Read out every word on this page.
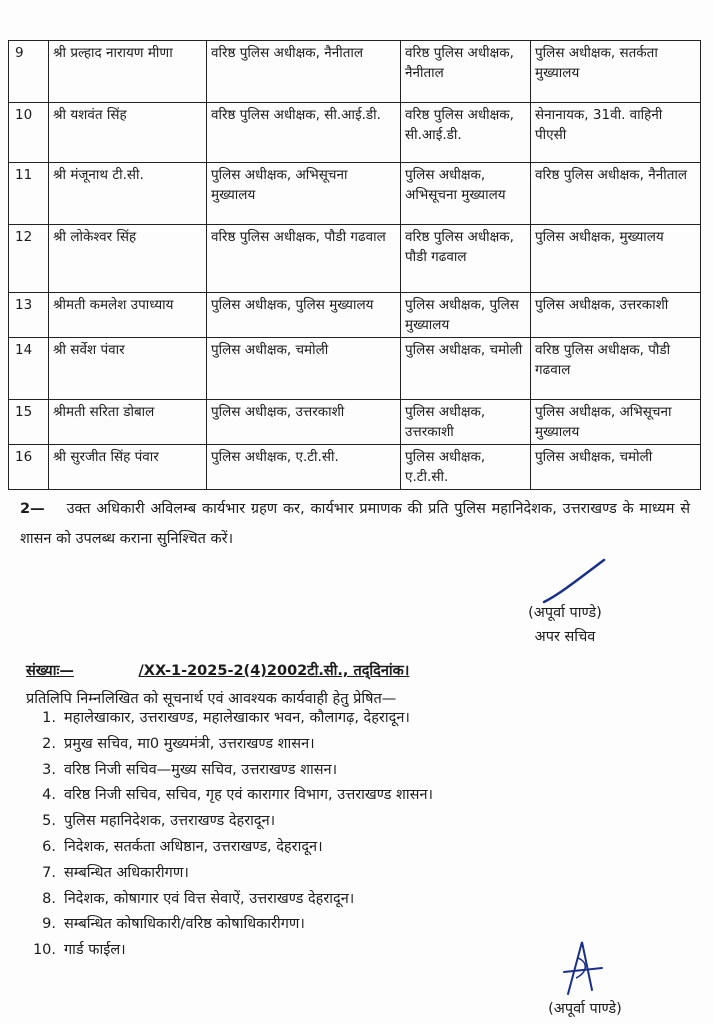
9	श्री प्रल्हाद नारायण मीणा	वरिष्ठ पुलिस अधीक्षक, नैनीताल	वरिष्ठ पुलिस अधीक्षक, नैनीताल	पुलिस अधीक्षक, सतर्कता मुख्यालय
10	श्री यशवंत सिंह	वरिष्ठ पुलिस अधीक्षक, सी.आई.डी.	वरिष्ठ पुलिस अधीक्षक, सी.आई.डी.	सेनानायक, 31वी. वाहिनी पीएसी
11	श्री मंजूनाथ टी.सी.	पुलिस अधीक्षक, अभिसूचना मुख्यालय	पुलिस अधीक्षक, अभिसूचना मुख्यालय	वरिष्ठ पुलिस अधीक्षक, नैनीताल
12	श्री लोकेश्वर सिंह	वरिष्ठ पुलिस अधीक्षक, पौडी गढवाल	वरिष्ठ पुलिस अधीक्षक, पौडी गढवाल	पुलिस अधीक्षक, मुख्यालय
13	श्रीमती कमलेश उपाध्याय	पुलिस अधीक्षक, पुलिस मुख्यालय	पुलिस अधीक्षक, पुलिस मुख्यालय	पुलिस अधीक्षक, उत्तरकाशी
14	श्री सर्वेश पंवार	पुलिस अधीक्षक, चमोली	पुलिस अधीक्षक, चमोली	वरिष्ठ पुलिस अधीक्षक, पौडी गढवाल
15	श्रीमती सरिता डोबाल	पुलिस अधीक्षक, उत्तरकाशी	पुलिस अधीक्षक, उत्तरकाशी	पुलिस अधीक्षक, अभिसूचना मुख्यालय
16	श्री सुरजीत सिंह पंवार	पुलिस अधीक्षक, ए.टी.सी.	पुलिस अधीक्षक, ए.टी.सी.	पुलिस अधीक्षक, चमोली
2— उक्त अधिकारी अविलम्ब कार्यभार ग्रहण कर, कार्यभार प्रमाणक की प्रति पुलिस महानिदेशक, उत्तराखण्ड के माध्यम से शासन को उपलब्ध कराना सुनिश्चित करें।
(अपूर्वा पाण्डे)
अपर सचिव
संख्याः—	/XX-1-2025-2(4)2002टी.सी., तद्‌दिनांक।
प्रतिलिपि निम्नलिखित को सूचनार्थ एवं आवश्यक कार्यवाही हेतु प्रेषित—
1. महालेखाकार, उत्तराखण्ड, महालेखाकार भवन, कौलागढ़, देहरादून।
2. प्रमुख सचिव, मा0 मुख्यमंत्री, उत्तराखण्ड शासन।
3. वरिष्ठ निजी सचिव—मुख्य सचिव, उत्तराखण्ड शासन।
4. वरिष्ठ निजी सचिव, सचिव, गृह एवं कारागार विभाग, उत्तराखण्ड शासन।
5. पुलिस महानिदेशक, उत्तराखण्ड देहरादून।
6. निदेशक, सतर्कता अधिष्ठान, उत्तराखण्ड, देहरादून।
7. सम्बन्धित अधिकारीगण।
8. निदेशक, कोषागार एवं वित्त सेवाऐं, उत्तराखण्ड देहरादून।
9. सम्बन्धित कोषाधिकारी/वरिष्ठ कोषाधिकारीगण।
10. गार्ड फाईल।
(अपूर्वा पाण्डे)
